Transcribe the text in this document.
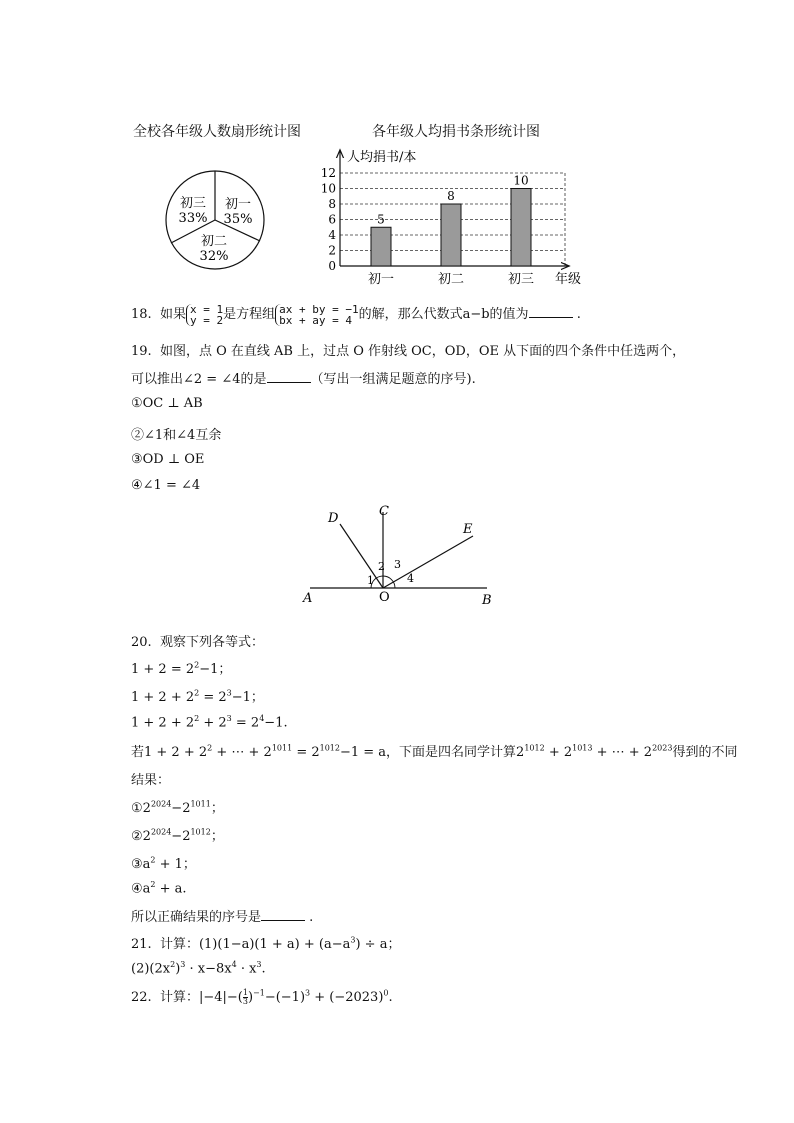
全校各年级人数扇形统计图
初一
35%
初三
33%
初二
32%
各年级人均捐书条形统计图
0
2
4
6
8
10
12
5
8
10
初一	初二	初三
人均捐书/本
年级
18. 如果 x = 1
y = 2是方程组 ax + by = −1
bx + ay = 4 的解，那么代数式a−b的值为	.
19. 如图，点 O 在直线 AB 上，过点 O 作射线 OC，OD，OE 从下面的四个条件中任选两个，
可以推出∠2 = ∠4的是	（写出一组满足题意的序号).
①OC ⊥ AB
②∠1和∠4互余
③OD ⊥ OE
④∠1 = ∠4
A	B
O
C
D
E
1
2 3
4
20. 观察下列各等式：
$1 + 2 = 2^2-1$；
$1 + 2 + 2^2 = 2^3-1$；
$1 + 2 + 2^2 + 2^3 = 2^4-1$.
若$1 + 2 + 2^2$ + ⋯ + $2^{1011} = 2^{1012}-1 = a$，下面是四名同学计算$2^{1012} + 2^{1013}$ + ⋯ + $2^{2023}$得到的不同
结果：
$①2^{2024}-2^{1011}$；
$②2^{2024}-2^{1012}$；
$③a^2 + 1$；
$④a^2 + a$.
所以正确结果的序号是	.
21. 计算：$(1)(1-a)(1 + a) + (a-a^3) \div a$；
$(2)(2x^2)^3 \cdot x-8x^4 \cdot x^3$.
22. 计算：$|-4|-( \frac{1}{3} )^{-1}-(-1)^3 + (-2023)^0$.
